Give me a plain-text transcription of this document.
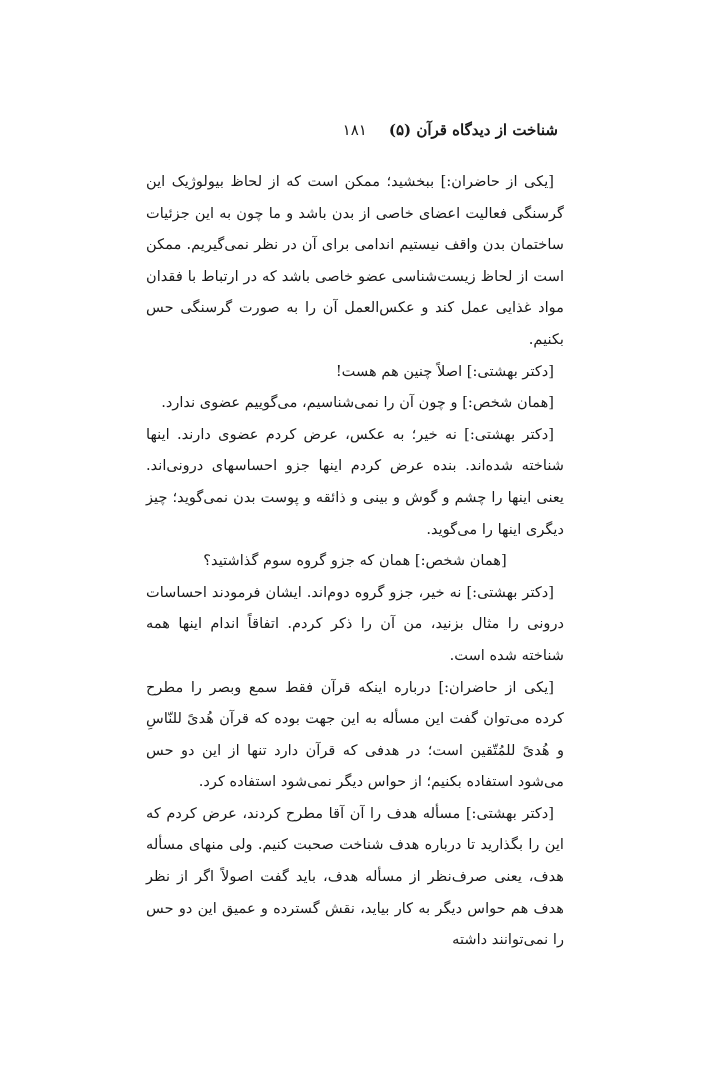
شناخت از دیدگاه قرآن (۵)
۱۸۱

[یکی از حاضران:] ببخشید؛ ممکن است که از لحاظ بیولوژیک این گرسنگی فعالیت اعضای خاصی از بدن باشد و ما چون به این جزئیات ساختمان بدن واقف نیستیم اندامی برای آن در نظر نمی‌گیریم. ممکن است از لحاظ زیست‌شناسی عضو خاصی باشد که در ارتباط با فقدان مواد غذایی عمل کند و عکس‌العمل آن را به صورت گرسنگی حس بکنیم.

[دکتر بهشتی:] اصلاً چنین هم هست!

[همان شخص:] و چون آن را نمی‌شناسیم، می‌گوییم عضوی ندارد.

[دکتر بهشتی:] نه خیر؛ به عکس، عرض کردم عضوی دارند. اینها شناخته شده‌اند. بنده عرض کردم اینها جزو احساسهای درونی‌اند. یعنی اینها را چشم و گوش و بینی و ذائقه و پوست بدن نمی‌گوید؛ چیز دیگری اینها را می‌گوید.

[همان شخص:] همان که جزو گروه سوم گذاشتید؟

[دکتر بهشتی:] نه خیر، جزو گروه دوم‌اند. ایشان فرمودند احساسات درونی را مثال بزنید، من آن را ذکر کردم. اتفاقاً اندام اینها همه شناخته شده است.

[یکی از حاضران:] درباره اینکه قرآن فقط سمع وبصر را مطرح کرده می‌توان گفت این مسأله به این جهت بوده که قرآن هُدیً للنّاسِ و هُدیً للمُتّقین است؛ در هدفی که قرآن دارد تنها از این دو حس می‌شود استفاده بکنیم؛ از حواس دیگر نمی‌شود استفاده کرد.

[دکتر بهشتی:] مسأله هدف را آن آقا مطرح کردند، عرض کردم که این را بگذارید تا درباره هدف شناخت صحبت کنیم. ولی منهای مسأله هدف، یعنی صرف‌نظر از مسأله هدف، باید گفت اصولاً اگر از نظر هدف هم حواس دیگر به کار بیاید، نقش گسترده و عمیق این دو حس را نمی‌توانند داشته
